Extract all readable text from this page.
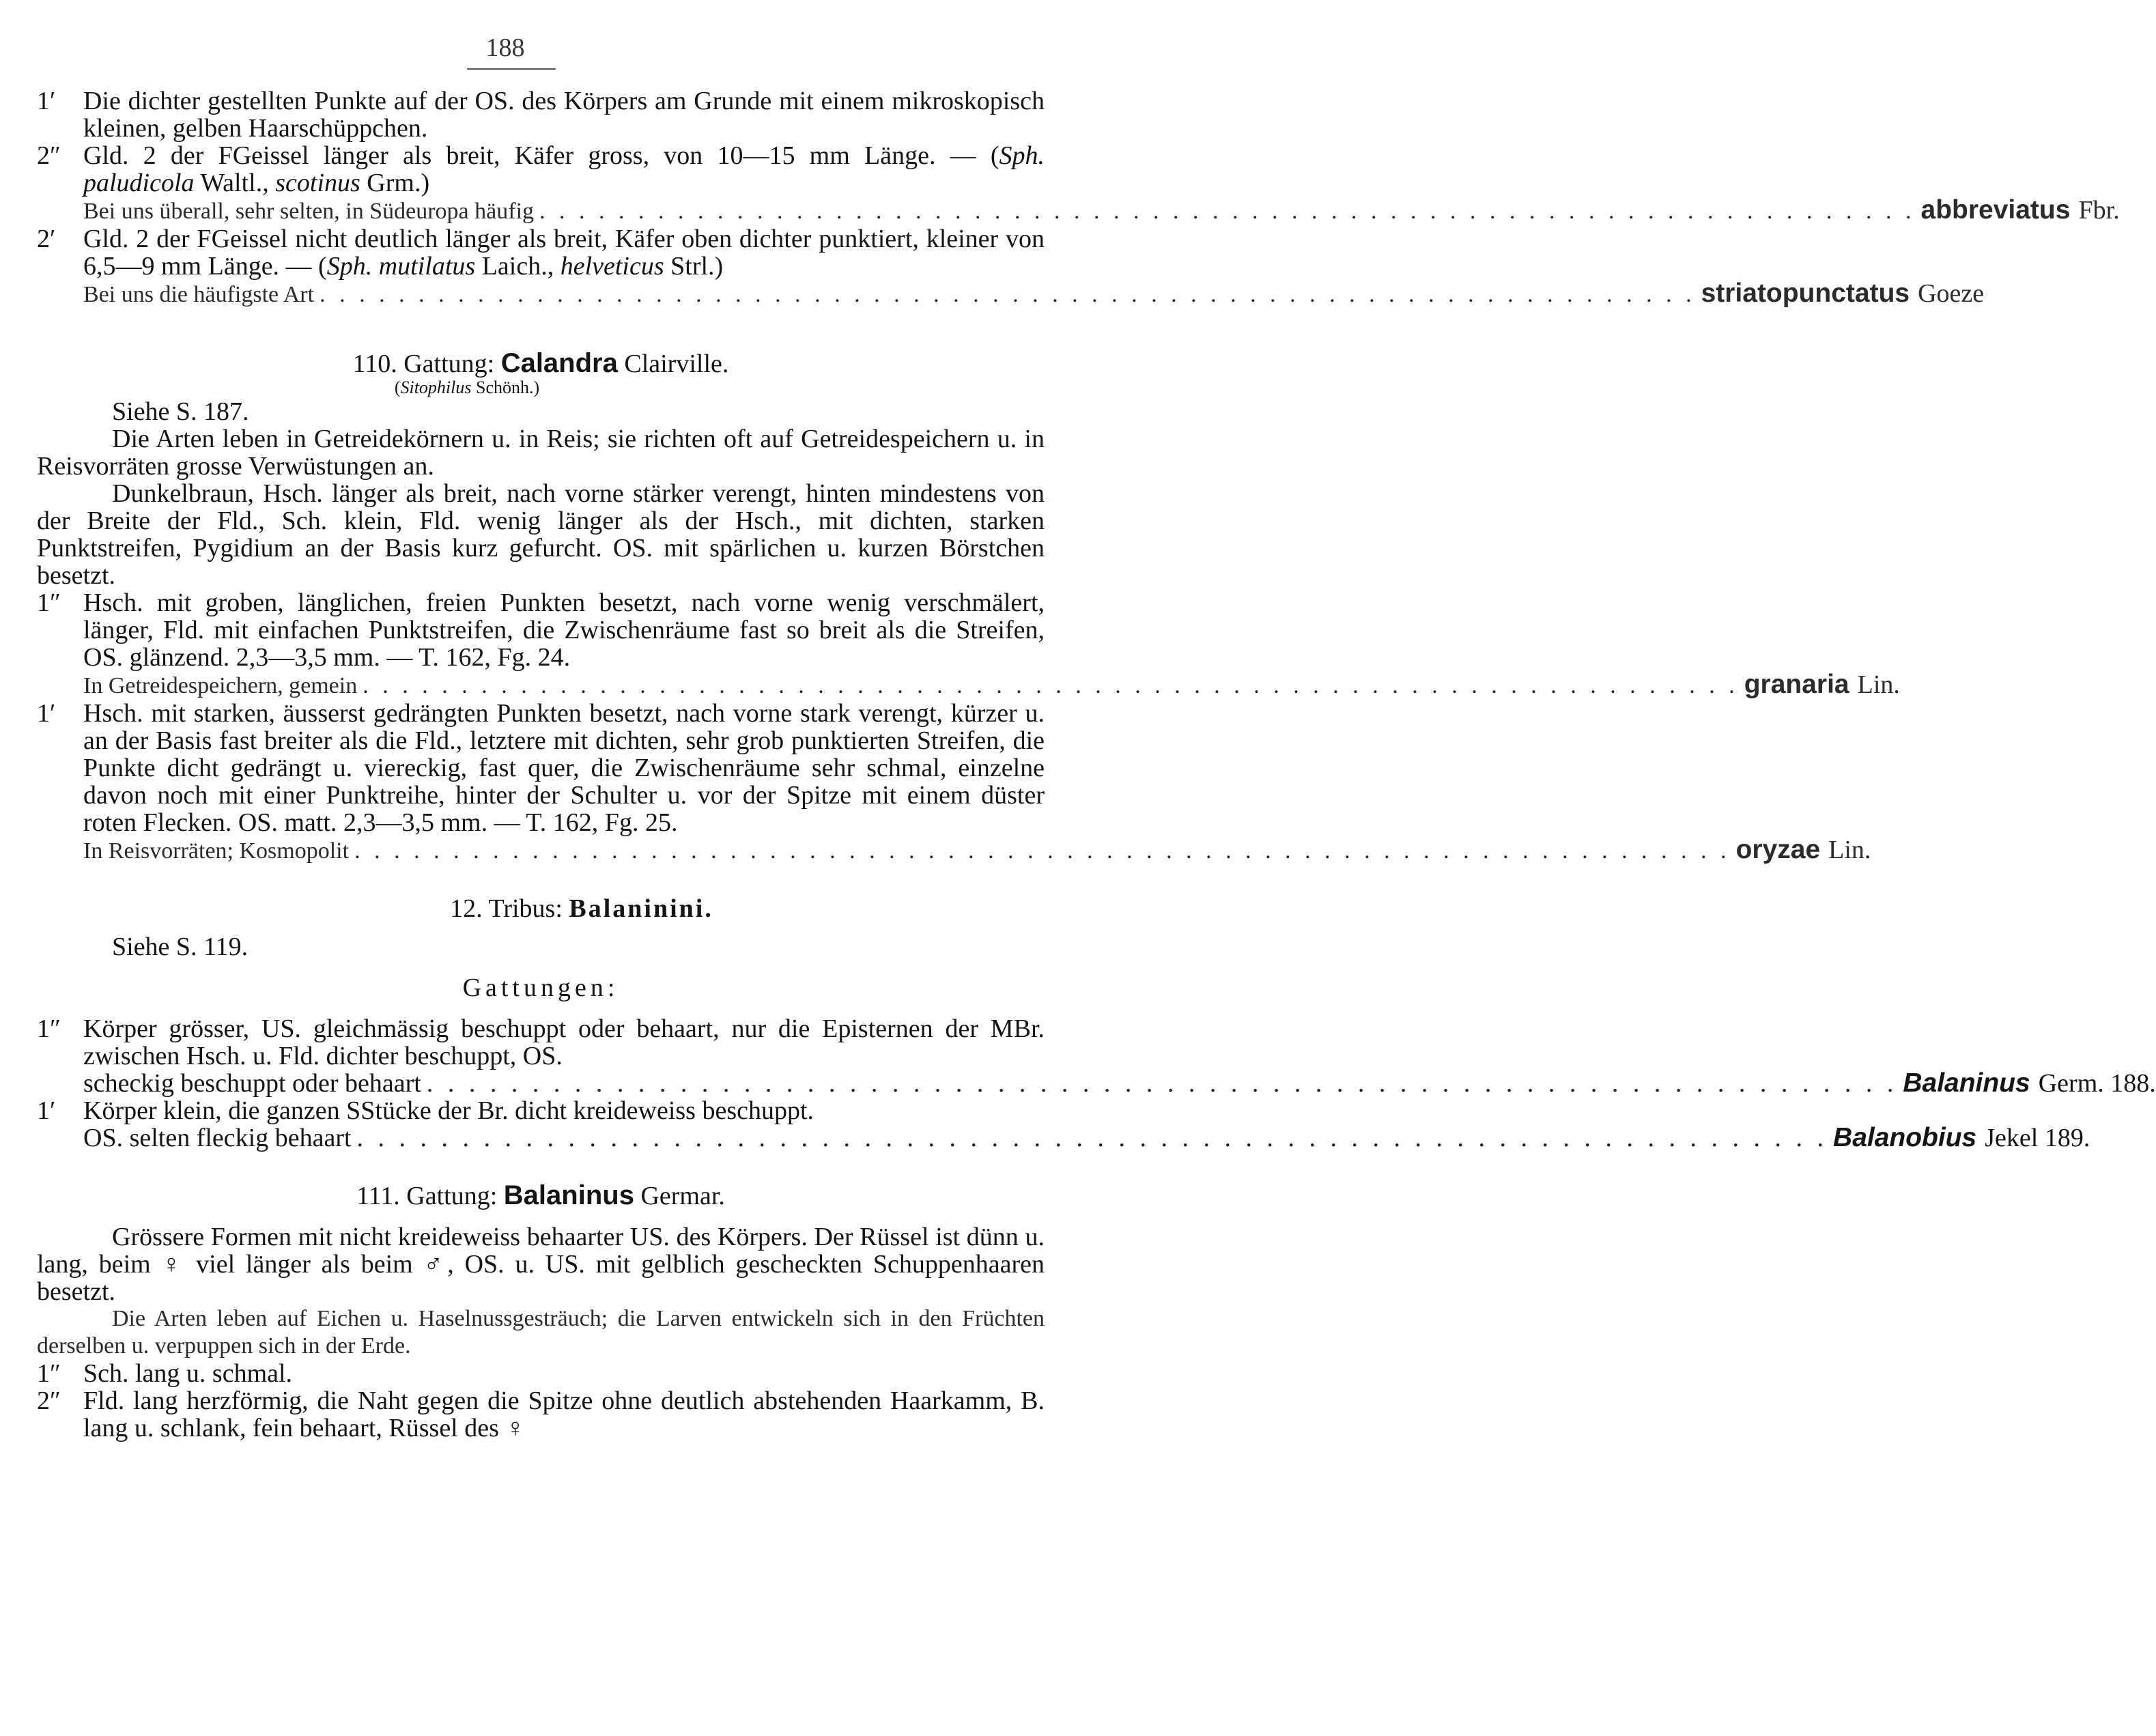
188
1′ Die dichter gestellten Punkte auf der OS. des Körpers am Grunde mit einem mikroskopisch kleinen, gelben Haarschüppchen.
2″ Gld. 2 der FGeissel länger als breit, Käfer gross, von 10—15 mm Länge. — (Sph. paludicola Waltl., scotinus Grm.)
Bei uns überall, sehr selten, in Südeuropa häufig . . .	abbreviatus Fbr.
2′ Gld. 2 der FGeissel nicht deutlich länger als breit, Käfer oben dichter punktiert, kleiner von 6,5—9 mm Länge. — (Sph. mutilatus Laich., helveticus Strl.)
Bei uns die häufigste Art . . .	striatopunctatus Goeze
110. Gattung: Calandra Clairville.
(Sitophilus Schönh.)
Siehe S. 187.
Die Arten leben in Getreidekörnern u. in Reis; sie richten oft auf Getreidespeichern u. in Reisvorräten grosse Verwüstungen an.
Dunkelbraun, Hsch. länger als breit, nach vorne stärker verengt, hinten mindestens von der Breite der Fld., Sch. klein, Fld. wenig länger als der Hsch., mit dichten, starken Punktstreifen, Pygidium an der Basis kurz gefurcht. OS. mit spärlichen u. kurzen Börstchen besetzt.
1″ Hsch. mit groben, länglichen, freien Punkten besetzt, nach vorne wenig verschmälert, länger, Fld. mit einfachen Punktstreifen, die Zwischenräume fast so breit als die Streifen, OS. glänzend. 2,3—3,5 mm. — T. 162, Fg. 24.
In Getreidespeichern, gemein . . .	granaria Lin.
1′ Hsch. mit starken, äusserst gedrängten Punkten besetzt, nach vorne stark verengt, kürzer u. an der Basis fast breiter als die Fld., letztere mit dichten, sehr grob punktierten Streifen, die Punkte dicht gedrängt u. viereckig, fast quer, die Zwischenräume sehr schmal, einzelne davon noch mit einer Punktreihe, hinter der Schulter u. vor der Spitze mit einem düster roten Flecken. OS. matt. 2,3—3,5 mm. — T. 162, Fg. 25.
In Reisvorräten; Kosmopolit . . .	oryzae Lin.
12. Tribus: Balaninini.
Siehe S. 119.
Gattungen:
1″ Körper grösser, US. gleichmässig beschuppt oder behaart, nur die Episternen der MBr. zwischen Hsch. u. Fld. dichter beschuppt, OS.
scheckig beschuppt oder behaart . . .	Balaninus Germ. 188.
1′ Körper klein, die ganzen SStücke der Br. dicht kreideweiss beschuppt.
OS. selten fleckig behaart . . .	Balanobius Jekel 189.
111. Gattung: Balaninus Germar.
Grössere Formen mit nicht kreideweiss behaarter US. des Körpers. Der Rüssel ist dünn u. lang, beim ♀ viel länger als beim ♂, OS. u. US. mit gelblich gescheckten Schuppenhaaren besetzt.
Die Arten leben auf Eichen u. Haselnussgesträuch; die Larven entwickeln sich in den Früchten derselben u. verpuppen sich in der Erde.
1″ Sch. lang u. schmal.
2″ Fld. lang herzförmig, die Naht gegen die Spitze ohne deutlich abstehenden Haarkamm, B. lang u. schlank, fein behaart, Rüssel des ♀
